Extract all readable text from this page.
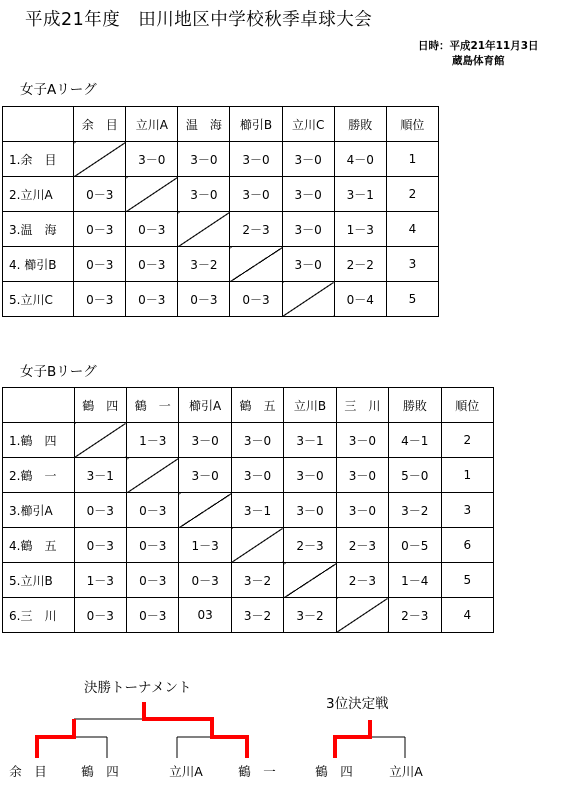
平成21年度　田川地区中学校秋季卓球大会
日時：平成21年11月3日
蔵島体育館
女子Aリーグ
	余　目	立川A	温　海	櫛引B	立川C	勝敗	順位
1.余　目		3－0	3－0	3－0	3－0	4－0	1
2.立川A	0－3		3－0	3－0	3－0	3－1	2
3.温　海	0－3	0－3		2－3	3－0	1－3	4
4. 櫛引B	0－3	0－3	3－2		3－0	2－2	3
5.立川C	0－3	0－3	0－3	0－3		0－4	5
女子Bリーグ
	鶴　四	鶴　一	櫛引A	鶴　五	立川B	三　川	勝敗	順位
1.鶴　四		1－3	3－0	3－0	3－1	3－0	4－1	2
2.鶴　一	3－1		3－0	3－0	3－0	3－0	5－0	1
3.櫛引A	0－3	0－3		3－1	3－0	3－0	3－2	3
4.鶴　五	0－3	0－3	1－3		2－3	2－3	0－5	6
5.立川B	1－3	0－3	0－3	3－2		2－3	1－4	5
6.三　川	0－3	0－3	03	3－2	3－2		2－3	4
決勝トーナメント
3位決定戦
余　目	鶴　四	立川A	鶴　一	鶴　四	立川A
